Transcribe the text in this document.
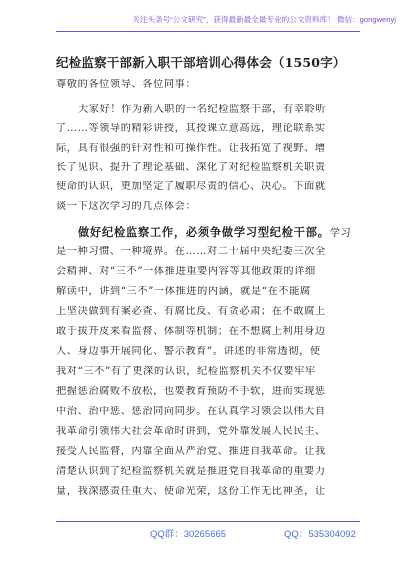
关注头条号“公文研究”，获得最新最全最专业的公文资料库！ 微信：gongwenyj
纪检监察干部新入职干部培训心得体会（1550字）
尊敬的各位领导、各位同事：
大家好！作为新入职的一名纪检监察干部，有幸聆听
了……等领导的精彩讲授，其授课立意高远，理论联系实
际，具有很强的针对性和可操作性。让我拓宽了视野、增
长了见识、提升了理论基础、深化了对纪检监察机关职责
使命的认识，更加坚定了履职尽责的信心、决心。下面就
谈一下这次学习的几点体会：
做好纪检监察工作，必须争做学习型纪检干部。学习
是一种习惯、一种境界。在……对二十届中央纪委三次全
会精神、对“三不”一体推进重要内容等其他政策的详细
解读中，讲到“三不”一体推进的内涵，就是“在不能腐
上坚决做到有案必查、有腐比反、有贪必肃；在不敢腐上
敢于拔开皮来看监督、体制等机制；在不想腐上利用身边
人、身边事开展同化、警示教育”。讲述的非常透彻，使
我对“三不”有了更深的认识，纪检监察机关不仅要牢牢
把握惩治腐败不放松，也要教育预防不手软，进而实现惩
中治、治中惩、惩治同向同步。在认真学习领会以伟大自
我革命引领伟大社会革命时讲到，党外靠发展人民民主、
接受人民监督，内靠全面从严治党、推进自我革命。让我
清楚认识到了纪检监察机关就是推进党自我革命的重要力
量，我深感责任重大、使命光荣，这份工作无比神圣，让
QQ群：30265665	QQ：535304092
